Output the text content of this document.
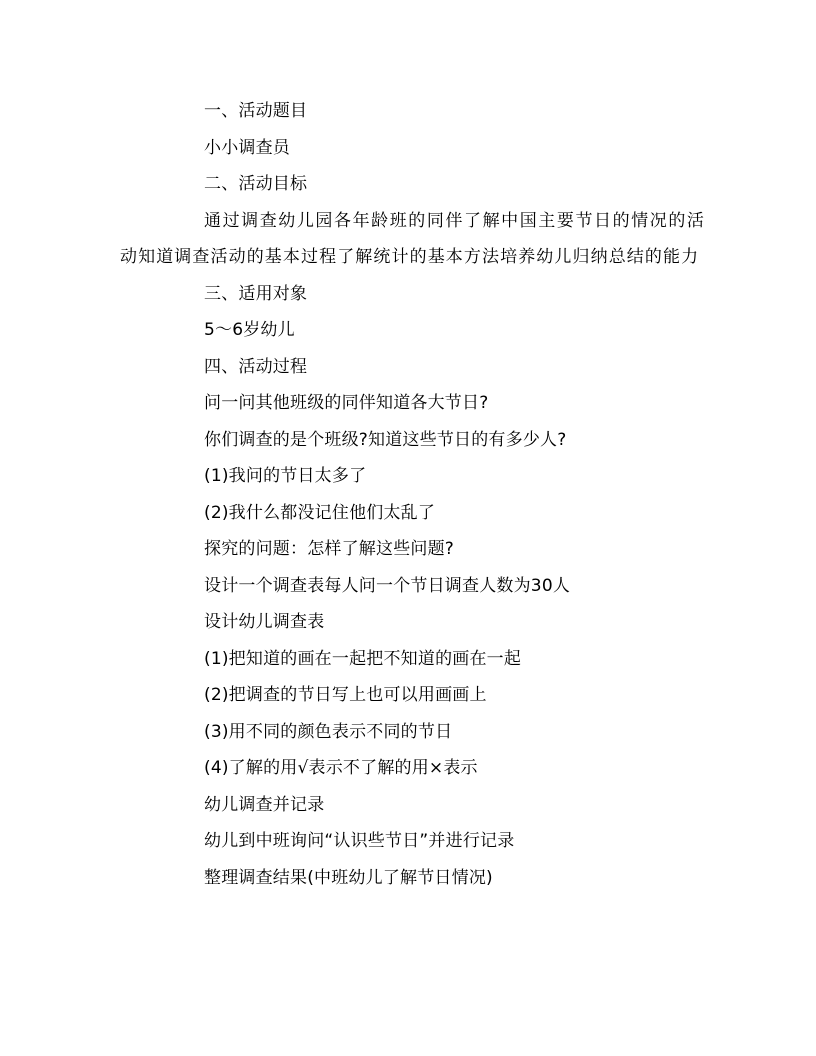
一、活动题目
小小调查员
二、活动目标
通过调查幼儿园各年龄班的同伴了解中国主要节日的情况的活动知道调查活动的基本过程了解统计的基本方法培养幼儿归纳总结的能力
三、适用对象
5～6岁幼儿
四、活动过程
问一问其他班级的同伴知道各大节日?
你们调查的是个班级?知道这些节日的有多少人?
(1)我问的节日太多了
(2)我什么都没记住他们太乱了
探究的问题：怎样了解这些问题?
设计一个调查表每人问一个节日调查人数为30人
设计幼儿调查表
(1)把知道的画在一起把不知道的画在一起
(2)把调查的节日写上也可以用画画上
(3)用不同的颜色表示不同的节日
(4)了解的用√表示不了解的用×表示
幼儿调查并记录
幼儿到中班询问“认识些节日”并进行记录
整理调查结果(中班幼儿了解节日情况)
